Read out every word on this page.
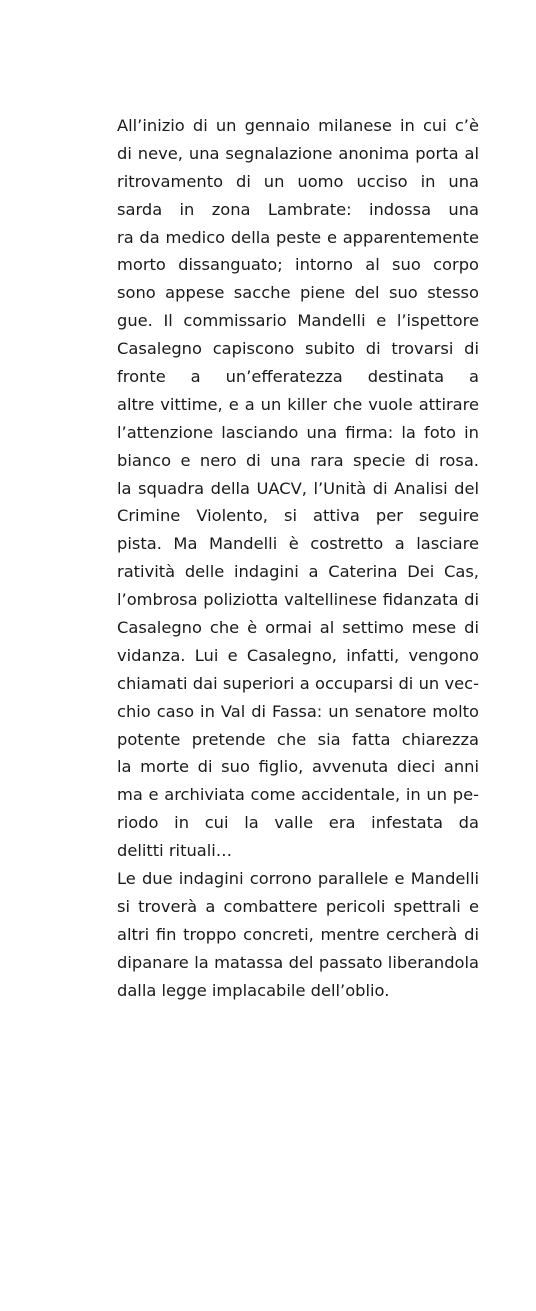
All’inizio di un gennaio milanese in cui c’è
di neve, una segnalazione anonima porta al
ritrovamento di un uomo ucciso in una
sarda in zona Lambrate: indossa una
ra da medico della peste e apparentemente
morto dissanguato; intorno al suo corpo
sono appese sacche piene del suo stesso
gue. Il commissario Mandelli e l’ispettore
Casalegno capiscono subito di trovarsi di
fronte a un’efferatezza destinata a
altre vittime, e a un killer che vuole attirare
l’attenzione lasciando una firma: la foto in
bianco e nero di una rara specie di rosa.
la squadra della UACV, l’Unità di Analisi del
Crimine Violento, si attiva per seguire
pista. Ma Mandelli è costretto a lasciare
ratività delle indagini a Caterina Dei Cas,
l’ombrosa poliziotta valtellinese fidanzata di
Casalegno che è ormai al settimo mese di
vidanza. Lui e Casalegno, infatti, vengono
chiamati dai superiori a occuparsi di un vec-
chio caso in Val di Fassa: un senatore molto
potente pretende che sia fatta chiarezza
la morte di suo figlio, avvenuta dieci anni
ma e archiviata come accidentale, in un pe-
riodo in cui la valle era infestata da
delitti rituali…
Le due indagini corrono parallele e Mandelli
si troverà a combattere pericoli spettrali e
altri fin troppo concreti, mentre cercherà di
dipanare la matassa del passato liberandola
dalla legge implacabile dell’oblio.
